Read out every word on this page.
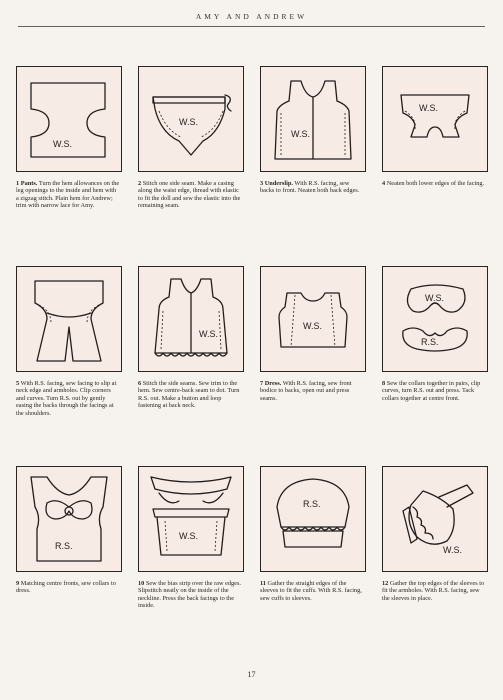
AMY AND ANDREW
W.S.
1 Pants. Turn the hem allowances on the leg openings to the inside and hem with a zigzag stitch. Plain hem for Andrew; trim with narrow lace for Amy.
W.S.
2 Stitch one side seam. Make a casing along the waist edge, thread with elastic to fit the doll and sew the elastic into the remaining seam.
W.S.
3 Underslip. With R.S. facing, sew backs to front. Neaten both back edges.
W.S.
4 Neaten both lower edges of the facing.
5 With R.S. facing, sew facing to slip at neck edge and armholes. Clip corners and curves. Turn R.S. out by gently easing the backs through the facings at the shoulders.
W.S.
6 Stitch the side seams. Sew trim to the hem. Sew centre-back seam to dot. Turn R.S. out. Make a button and loop fastening at back neck.
W.S.
7 Dress. With R.S. facing, sew front bodice to backs, open out and press seams.
W.S.
R.S.
8 Sew the collars together in pairs, clip curves, turn R.S. out and press. Tack collars together at centre front.
R.S.
9 Matching centre fronts, sew collars to dress.
W.S.
10 Sew the bias strip over the raw edges. Slipstitch neatly on the inside of the neckline. Press the back facings to the inside.
R.S.
11 Gather the straight edges of the sleeves to fit the cuffs. With R.S. facing, sew cuffs to sleeves.
W.S.
12 Gather the top edges of the sleeves to fit the armholes. With R.S. facing, sew the sleeves in place.
17
